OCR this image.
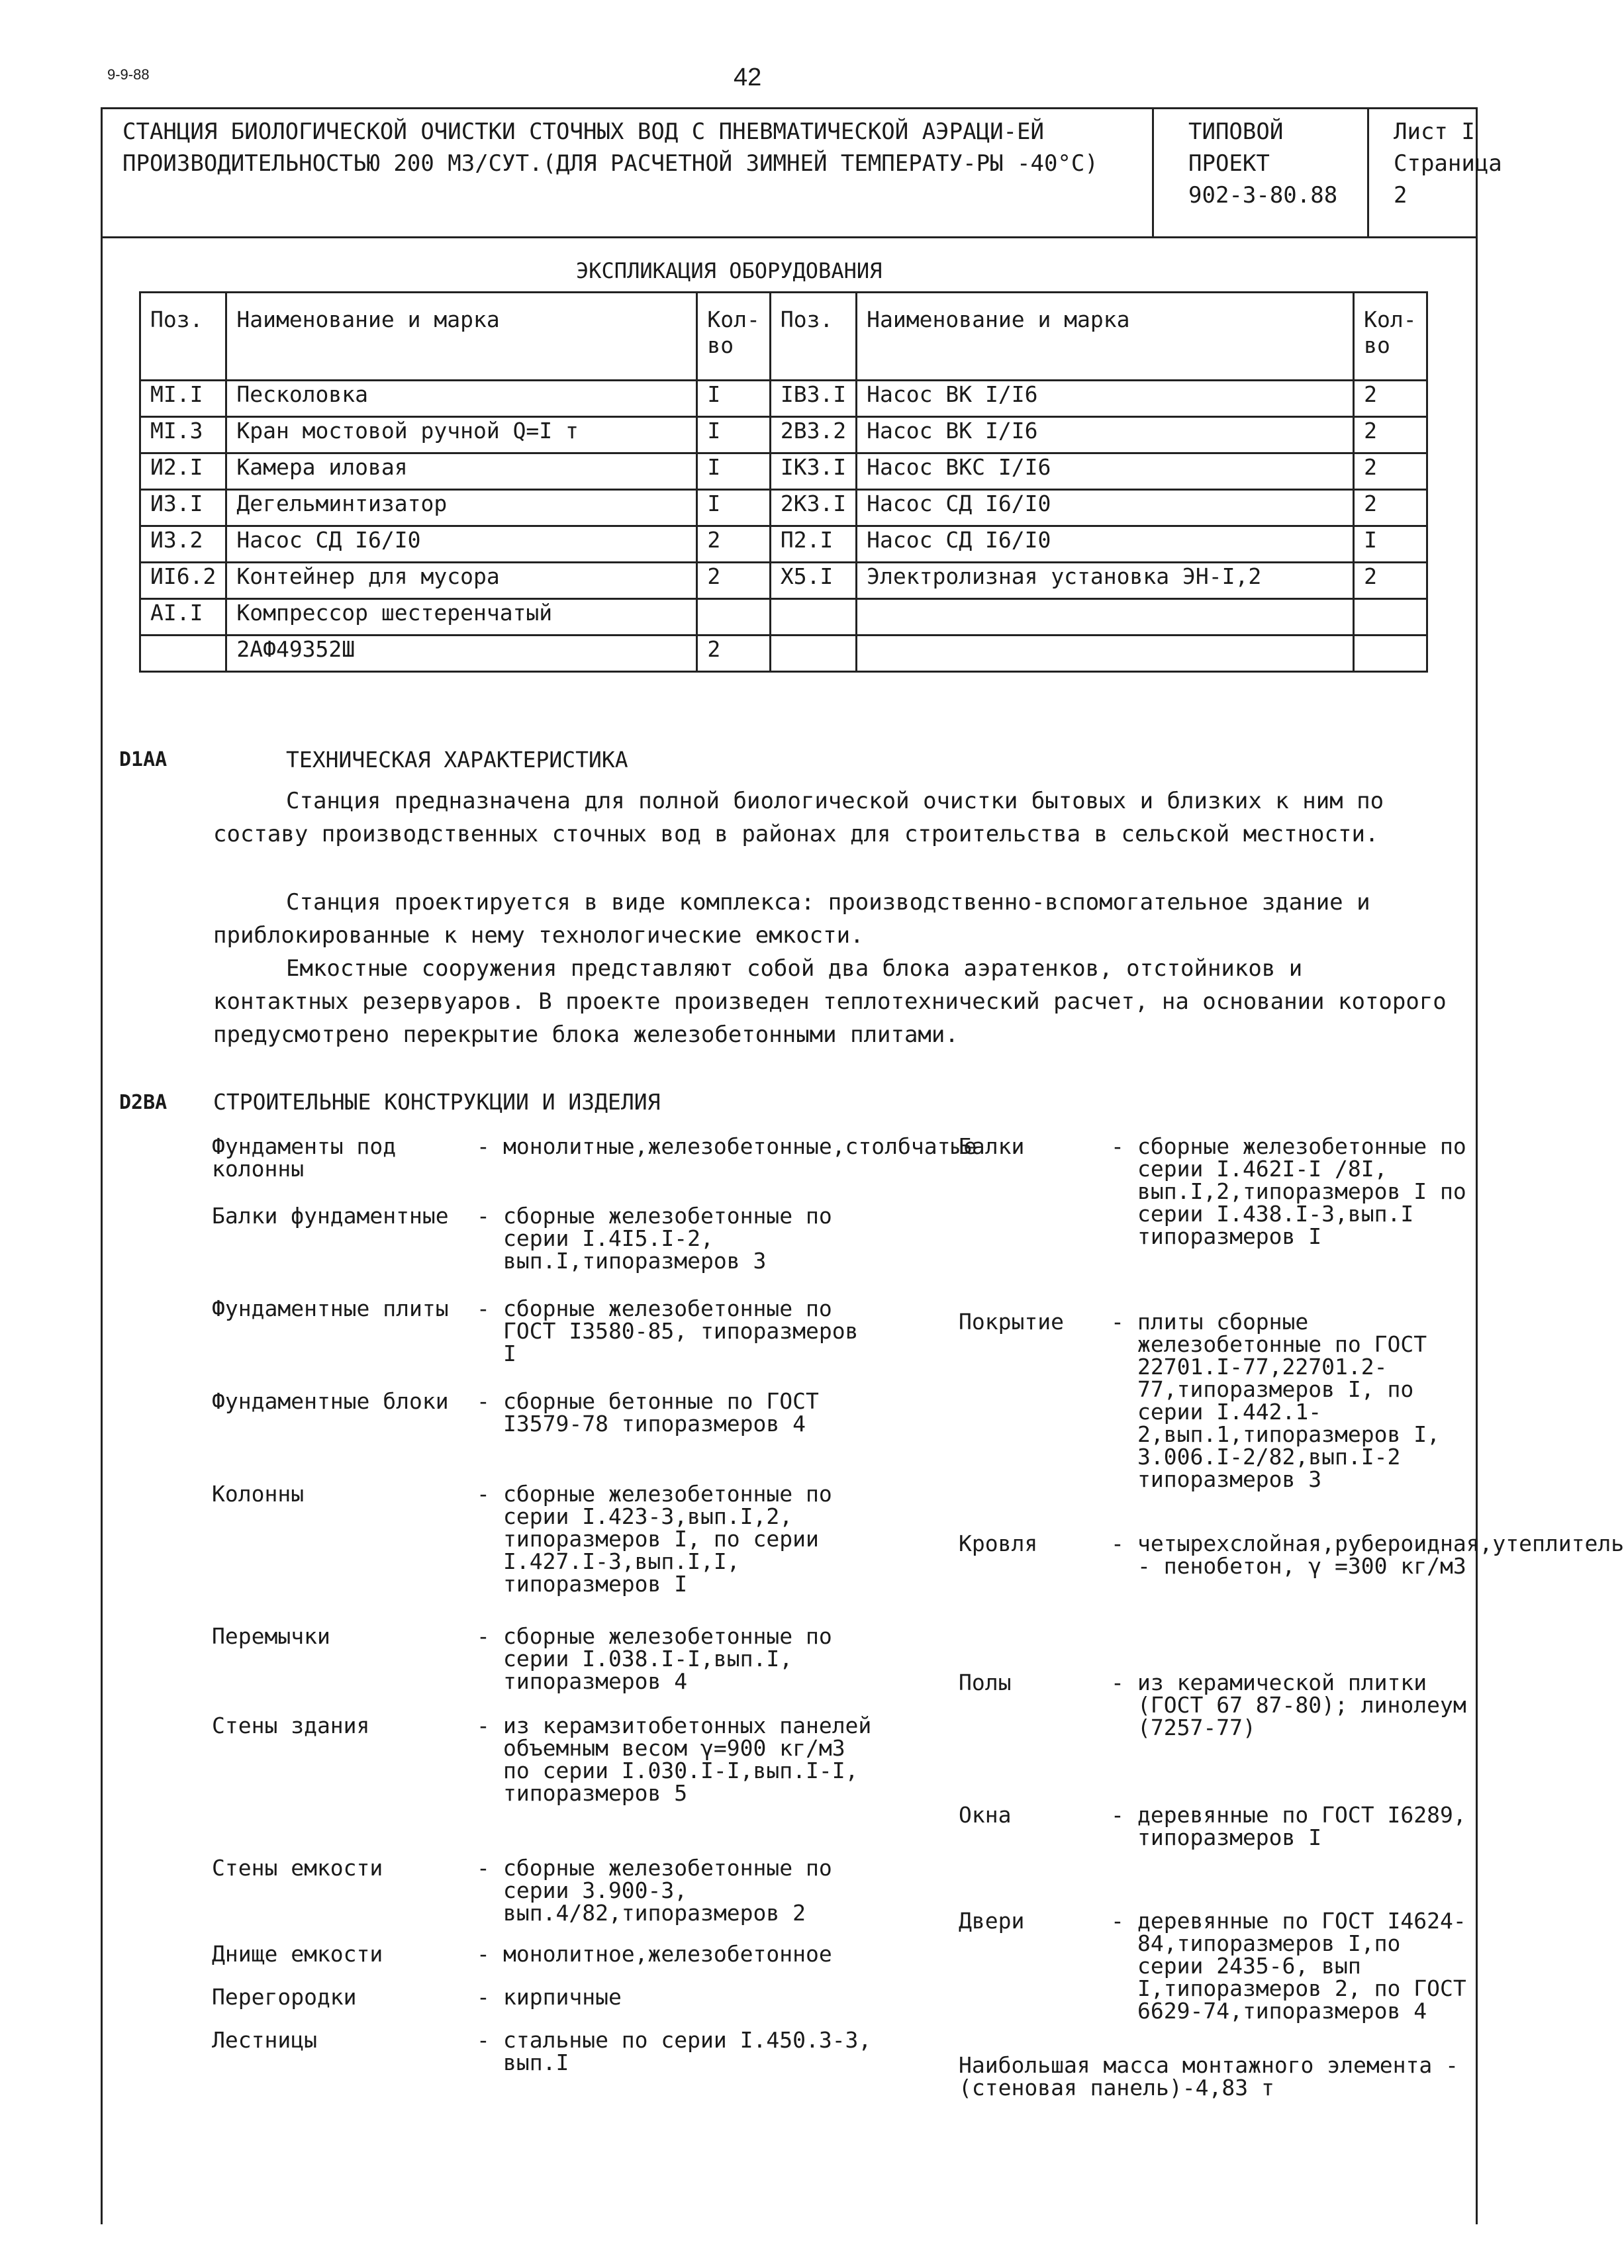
9-9-88	42
СТАНЦИЯ БИОЛОГИЧЕСКОЙ ОЧИСТКИ СТОЧНЫХ ВОД С ПНЕВМАТИЧЕСКОЙ АЭРАЦИ-ЕЙ ПРОИЗВОДИТЕЛЬНОСТЬЮ 200 М3/СУТ.(ДЛЯ РАСЧЕТНОЙ ЗИМНЕЙ ТЕМПЕРАТУ-РЫ -40°С)
ТИПОВОЙ
ПРОЕКТ
902-3-80.88
Лист I
Страница 2
ЭКСПЛИКАЦИЯ ОБОРУДОВАНИЯ
Поз.	Наименование и марка	Кол-во	Поз.	Наименование и марка	Кол-во
МI.I	Песколовка	I	IВ3.I	Насос ВК I/I6	2
МI.3	Кран мостовой ручной Q=I т	I	2В3.2	Насос ВК I/I6	2
И2.I	Камера иловая	I	IК3.I	Насос ВКС I/I6	2
И3.I	Дегельминтизатор	I	2К3.I	Насос СД I6/I0	2
И3.2	Насос СД I6/I0	2	П2.I	Насос СД I6/I0	I
ИI6.2	Контейнер для мусора	2	Х5.I	Электролизная установка ЭН-I,2	2
АI.I	Компрессор шестеренчатый				
	2АФ49352Ш	2			
D1AA	ТЕХНИЧЕСКАЯ ХАРАКТЕРИСТИКА
Станция предназначена для полной биологической очистки бытовых и близких к ним по составу производственных сточных вод в районах для строительства в сельской местности.
Станция проектируется в виде комплекса: производственно-вспомогательное здание и приблокированные к нему технологические емкости.
Емкостные сооружения представляют собой два блока аэратенков, отстойников и контактных резервуаров. В проекте произведен теплотехнический расчет, на основании которого предусмотрено перекрытие блока железобетонными плитами.
D2BA СТРОИТЕЛЬНЫЕ КОНСТРУКЦИИ И ИЗДЕЛИЯ
Фундаменты под колонны
- монолитные,железобетонные,столбчатые
Балки фундаментные	- сборные железобетонные по серии I.4I5.I-2, вып.I,типоразмеров 3
Фундаментные плиты	- сборные железобетонные по ГОСТ I3580-85, типоразмеров I
Фундаментные блоки	- сборные бетонные по ГОСТ I3579-78 типоразмеров 4
Колонны	- сборные железобетонные по серии I.423-3,вып.I,2, типоразмеров I, по серии I.427.I-3,вып.I,I, типоразмеров I
Перемычки	- сборные железобетонные по серии I.038.I-I,вып.I, типоразмеров 4
Стены здания	- из керамзитобетонных панелей объемным весом γ=900 кг/м3 по серии I.030.I-I,вып.I-I, типоразмеров 5
Стены емкости	- сборные железобетонные по серии 3.900-3, вып.4/82,типоразмеров 2
Днище емкости	- монолитное,железобетонное
Перегородки	- кирпичные
Лестницы	- стальные по серии I.450.3-3, вып.I
Балки	- сборные железобетонные по серии I.462I-I /8I, вып.I,2,типоразмеров I по серии I.438.I-3,вып.I типоразмеров I
Покрытие	- плиты сборные железобетонные по ГОСТ 22701.I-77,22701.2-77,типоразмеров I, по серии I.442.1-2,вып.1,типоразмеров I, 3.006.I-2/82,вып.I-2 типоразмеров 3
Кровля	- четырехслойная,рубероидная,утеплитель - пенобетон, γ =300 кг/м3
Полы	- из керамической плитки (ГОСТ 67 87-80); линолеум (7257-77)
Окна	- деревянные по ГОСТ I6289, типоразмеров I
Двери	- деревянные по ГОСТ I4624-84,типоразмеров I,по серии 2435-6, вып I,типоразмеров 2, по ГОСТ 6629-74,типоразмеров 4
Наибольшая масса монтажного элемента - (стеновая панель)-4,83 т
